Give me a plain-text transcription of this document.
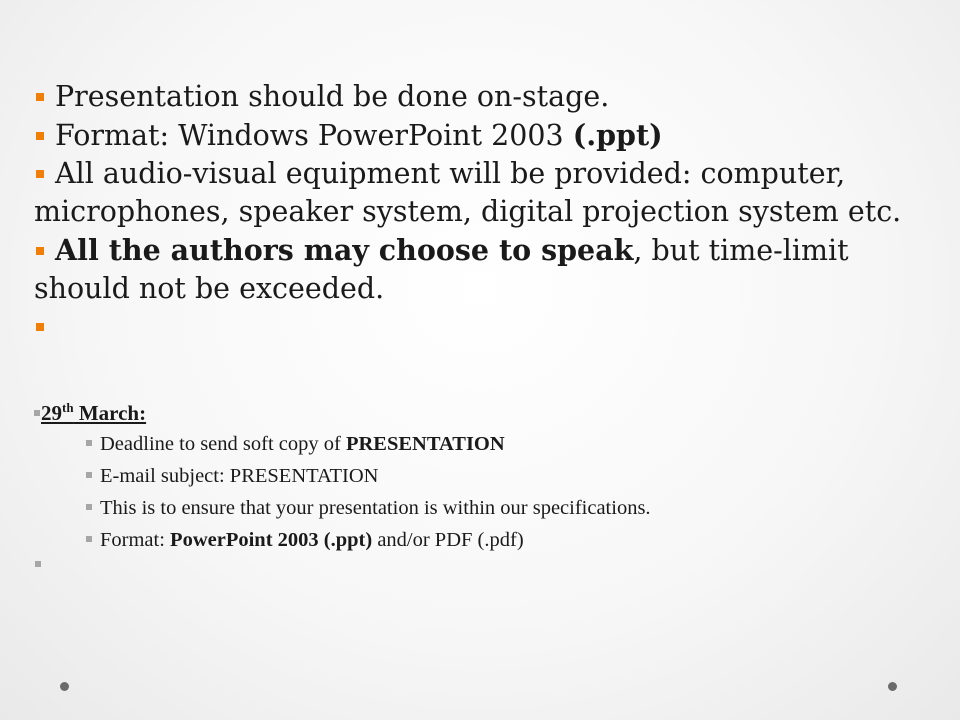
Presentation should be done on-stage.

Format: Windows PowerPoint 2003 (.ppt)

All audio-visual equipment will be provided: computer, microphones, speaker system, digital projection system etc.

All the authors may choose to speak, but time-limit should not be exceeded.

29th March:
Deadline to send soft copy of PRESENTATION
E-mail subject: PRESENTATION
This is to ensure that your presentation is within our specifications.
Format: PowerPoint 2003 (.ppt) and/or PDF (.pdf)
